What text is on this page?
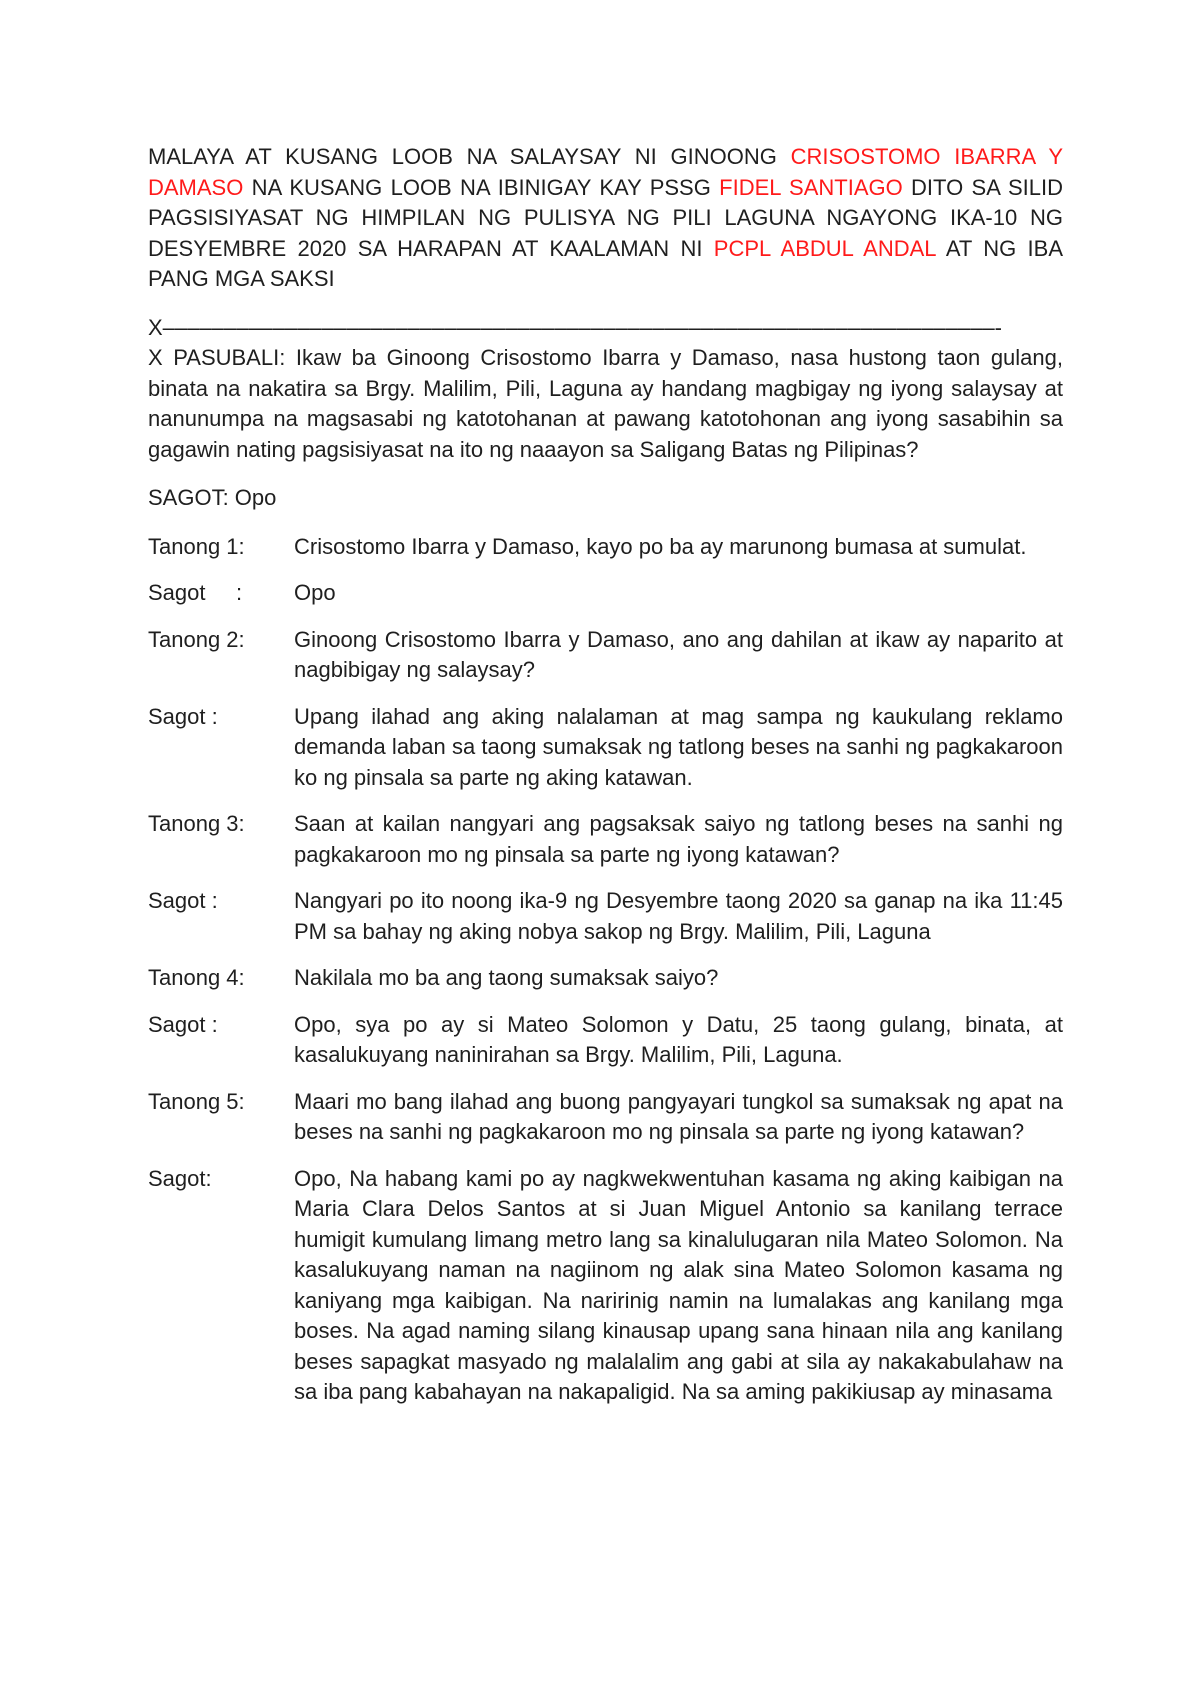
MALAYA AT KUSANG LOOB NA SALAYSAY NI GINOONG CRISOSTOMO IBARRA Y DAMASO NA KUSANG LOOB NA IBINIGAY KAY PSSG FIDEL SANTIAGO DITO SA SILID PAGSISIYASAT NG HIMPILAN NG PULISYA NG PILI LAGUNA NGAYONG IKA-10 NG DESYEMBRE 2020 SA HARAPAN AT KAALAMAN NI PCPL ABDUL ANDAL AT NG IBA PANG MGA SAKSI

X––––––––––––––––––––––––––––––––––––––––––––––––––––––––––––––––––––-

X PASUBALI: Ikaw ba Ginoong Crisostomo Ibarra y Damaso, nasa hustong taon gulang, binata na nakatira sa Brgy. Malilim, Pili, Laguna ay handang magbigay ng iyong salaysay at nanunumpa na magsasabi ng katotohanan at pawang katotohonan ang iyong sasabihin sa gagawin nating pagsisiyasat na ito ng naaayon sa Saligang Batas ng Pilipinas?

SAGOT: Opo

Tanong 1: Crisostomo Ibarra y Damaso, kayo po ba ay marunong bumasa at sumulat.

Sagot     :	Opo
Tanong 2:	Ginoong Crisostomo Ibarra y Damaso, ano ang dahilan at ikaw ay naparito at nagbibigay ng salaysay?
Sagot :	Upang ilahad ang aking nalalaman at mag sampa ng kaukulang reklamo demanda laban sa taong sumaksak ng tatlong beses na sanhi ng pagkakaroon ko ng pinsala sa parte ng aking katawan.
Tanong 3:	Saan at kailan nangyari ang pagsaksak saiyo ng tatlong beses na sanhi ng pagkakaroon mo ng pinsala sa parte ng iyong katawan?
Sagot :	Nangyari po ito noong ika-9 ng Desyembre taong 2020 sa ganap na ika 11:45 PM sa bahay ng aking nobya sakop ng Brgy. Malilim, Pili, Laguna
Tanong 4:	Nakilala mo ba ang taong sumaksak saiyo?
Sagot :	Opo, sya po ay si Mateo Solomon y Datu, 25 taong gulang, binata, at kasalukuyang naninirahan sa Brgy. Malilim, Pili, Laguna.
Tanong 5:	Maari mo bang ilahad ang buong pangyayari tungkol sa sumaksak ng apat na beses na sanhi ng pagkakaroon mo ng pinsala sa parte ng iyong katawan?
Sagot:	Opo, Na habang kami po ay nagkwekwentuhan kasama ng aking kaibigan na Maria Clara Delos Santos at si Juan Miguel Antonio sa kanilang terrace humigit kumulang limang metro lang sa kinalulugaran nila Mateo Solomon. Na kasalukuyang naman na nagiinom ng alak sina Mateo Solomon kasama ng kaniyang mga kaibigan. Na naririnig namin na lumalakas ang kanilang mga boses. Na agad naming silang kinausap upang sana hinaan nila ang kanilang beses sapagkat masyado ng malalalim ang gabi at sila ay nakakabulahaw na sa iba pang kabahayan na nakapaligid. Na sa aming pakikiusap ay minasama
